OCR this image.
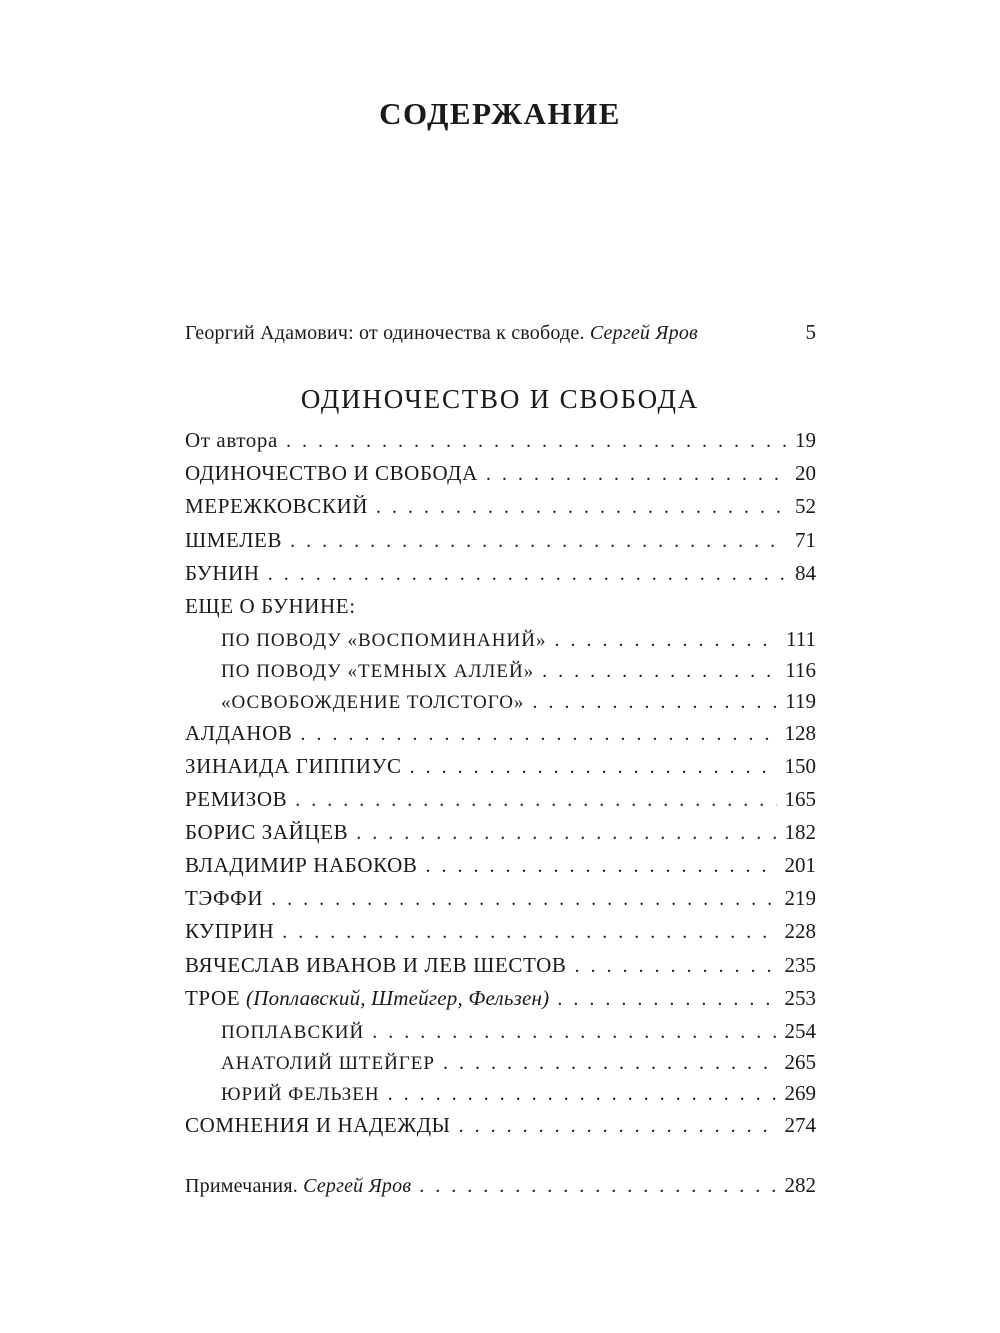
СОДЕРЖАНИЕ
Георгий Адамович: от одиночества к свободе. Сергей Яров	5
ОДИНОЧЕСТВО И СВОБОДА
От автора . . .	19
ОДИНОЧЕСТВО И СВОБОДА . . .	20
МЕРЕЖКОВСКИЙ . . .	52
ШМЕЛЕВ . . .	71
БУНИН . . .	84
ЕЩЕ О БУНИНЕ:
ПО ПОВОДУ «ВОСПОМИНАНИЙ» . . .	111
ПО ПОВОДУ «ТЕМНЫХ АЛЛЕЙ» . . .	116
«ОСВОБОЖДЕНИЕ ТОЛСТОГО» . . .	119
АЛДАНОВ . . .	128
ЗИНАИДА ГИППИУС . . .	150
РЕМИЗОВ . . .	165
БОРИС ЗАЙЦЕВ . . .	182
ВЛАДИМИР НАБОКОВ . . .	201
ТЭФФИ . . .	219
КУПРИН . . .	228
ВЯЧЕСЛАВ ИВАНОВ И ЛЕВ ШЕСТОВ . . .	235
ТРОЕ (Поплавский, Штейгер, Фельзен) . . .	253
ПОПЛАВСКИЙ . . .	254
АНАТОЛИЙ ШТЕЙГЕР . . .	265
ЮРИЙ ФЕЛЬЗЕН . . .	269
СОМНЕНИЯ И НАДЕЖДЫ . . .	274
Примечания. Сергей Яров . . .	282
